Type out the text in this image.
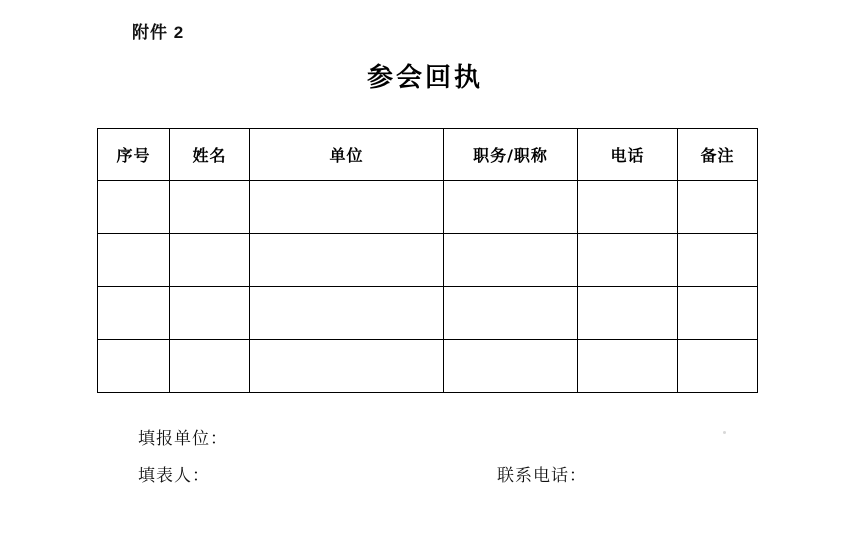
附件 2
参会回执
序号	姓名	单位	职务/职称	电话	备注

填报单位：
填表人：	联系电话：
